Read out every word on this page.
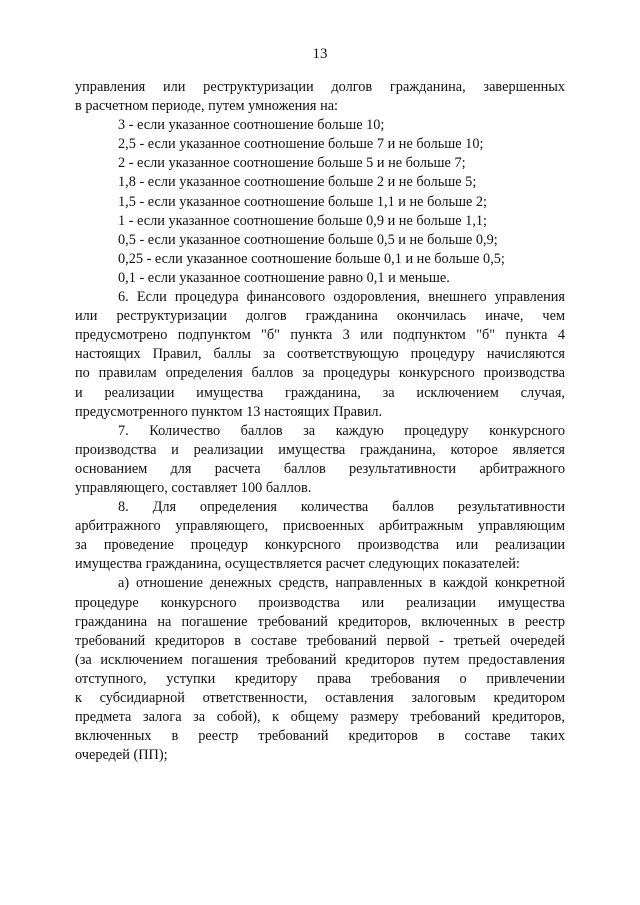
13
управления или реструктуризации долгов гражданина, завершенных
в расчетном периоде, путем умножения на:
3 - если указанное соотношение больше 10;
2,5 - если указанное соотношение больше 7 и не больше 10;
2 - если указанное соотношение больше 5 и не больше 7;
1,8 - если указанное соотношение больше 2 и не больше 5;
1,5 - если указанное соотношение больше 1,1 и не больше 2;
1 - если указанное соотношение больше 0,9 и не больше 1,1;
0,5 - если указанное соотношение больше 0,5 и не больше 0,9;
0,25 - если указанное соотношение больше 0,1 и не больше 0,5;
0,1 - если указанное соотношение равно 0,1 и меньше.
6. Если процедура финансового оздоровления, внешнего управления
или реструктуризации долгов гражданина окончилась иначе, чем
предусмотрено подпунктом "б" пункта 3 или подпунктом "б" пункта 4
настоящих Правил, баллы за соответствующую процедуру начисляются
по правилам определения баллов за процедуры конкурсного производства
и реализации имущества гражданина, за исключением случая,
предусмотренного пунктом 13 настоящих Правил.
7. Количество баллов за каждую процедуру конкурсного
производства и реализации имущества гражданина, которое является
основанием для расчета баллов результативности арбитражного
управляющего, составляет 100 баллов.
8. Для определения количества баллов результативности
арбитражного управляющего, присвоенных арбитражным управляющим
за проведение процедур конкурсного производства или реализации
имущества гражданина, осуществляется расчет следующих показателей:
а) отношение денежных средств, направленных в каждой конкретной
процедуре конкурсного производства или реализации имущества
гражданина на погашение требований кредиторов, включенных в реестр
требований кредиторов в составе требований первой - третьей очередей
(за исключением погашения требований кредиторов путем предоставления
отступного, уступки кредитору права требования о привлечении
к субсидиарной ответственности, оставления залоговым кредитором
предмета залога за собой), к общему размеру требований кредиторов,
включенных в реестр требований кредиторов в составе таких
очередей (ПП);
